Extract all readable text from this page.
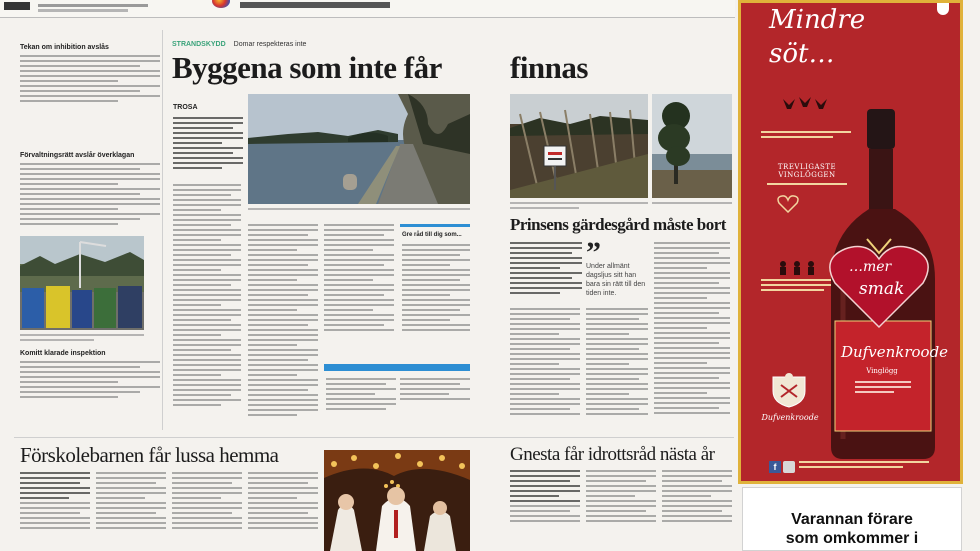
Tekan om inhibition avslås
Förvaltningsrätt avslår överklagan
Komitt klarade inspektion
STRANDSKYDD Domar respekteras inte
Byggena som inte får finnas
TROSA
Gre råd till dig som...
Prinsens gärdesgård måste bort
”
Under allmänt dagsljus sitt han bara sin rätt till den tiden inte.
Förskolebarnen får lussa hemma	Gnesta får idrottsråd nästa år
Mindre
söt…
TREVLIGASTE VINGLÖGGEN
Dufvenkroode
Vinglögg
…mer
smak
Dufvenkroode
f
Varannan förare
som omkommer i
